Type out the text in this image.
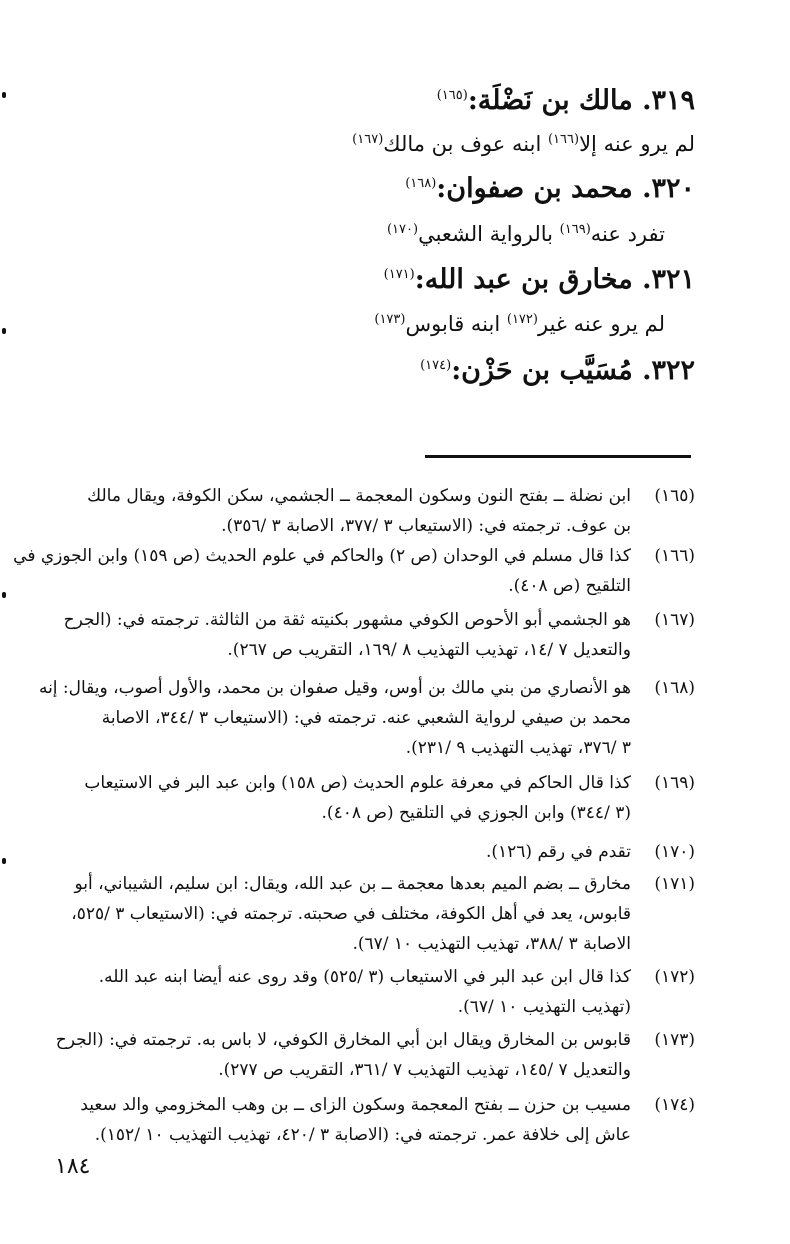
٣١٩. مالك بن نَضْلَة:$^{(١٦٥)}$
لم يرو عنه إلا$^{(١٦٦)}$ ابنه عوف بن مالك$^{(١٦٧)}$
٣٢٠. محمد بن صفوان:$^{(١٦٨)}$
تفرد عنه$^{(١٦٩)}$ بالرواية الشعبي$^{(١٧٠)}$
٣٢١. مخارق بن عبد الله:$^{(١٧١)}$
لم يرو عنه غير$^{(١٧٢)}$ ابنه قابوس$^{(١٧٣)}$
٣٢٢. مُسَيَّب بن حَزْن:$^{(١٧٤)}$
(١٦٥)ابن نضلة ــ بفتح النون وسكون المعجمة ــ الجشمي، سكن الكوفة، ويقال مالك
بن عوف. ترجمته في: (الاستيعاب ٣ /٣٧٧، الاصابة ٣ /٣٥٦).
(١٦٦)كذا قال مسلم في الوحدان (ص ٢) والحاكم في علوم الحديث (ص ١٥٩) وابن الجوزي في
التلقيح (ص ٤٠٨).
(١٦٧)هو الجشمي أبو الأحوص الكوفي مشهور بكنيته ثقة من الثالثة. ترجمته في: (الجرح
والتعديل ٧ /١٤، تهذيب التهذيب ٨ /١٦٩، التقريب ص ٢٦٧).
(١٦٨)هو الأنصاري من بني مالك بن أوس، وقيل صفوان بن محمد، والأول أصوب، ويقال: إنه
محمد بن صيفي لرواية الشعبي عنه. ترجمته في: (الاستيعاب ٣ /٣٤٤، الاصابة
٣ /٣٧٦، تهذيب التهذيب ٩ /٢٣١).
(١٦٩)كذا قال الحاكم في معرفة علوم الحديث (ص ١٥٨) وابن عبد البر في الاستيعاب
(٣ /٣٤٤) وابن الجوزي في التلقيح (ص ٤٠٨).
(١٧٠)تقدم في رقم (١٢٦).
(١٧١)مخارق ــ بضم الميم بعدها معجمة ــ بن عبد الله، ويقال: ابن سليم، الشيباني، أبو
قابوس، يعد في أهل الكوفة، مختلف في صحبته. ترجمته في: (الاستيعاب ٣ /٥٢٥،
الاصابة ٣ /٣٨٨، تهذيب التهذيب ١٠ /٦٧).
(١٧٢)كذا قال ابن عبد البر في الاستيعاب (٣ /٥٢٥) وقد روى عنه أيضا ابنه عبد الله.
(تهذيب التهذيب ١٠ /٦٧).
(١٧٣)قابوس بن المخارق ويقال ابن أبي المخارق الكوفي، لا باس به. ترجمته في: (الجرح
والتعديل ٧ /١٤٥، تهذيب التهذيب ٧ /٣٦١، التقريب ص ٢٧٧).
(١٧٤)مسيب بن حزن ــ بفتح المعجمة وسكون الزاى ــ بن وهب المخزومي والد سعيد
عاش إلى خلافة عمر. ترجمته في: (الاصابة ٣ /٤٢٠، تهذيب التهذيب ١٠ /١٥٢).
١٨٤
